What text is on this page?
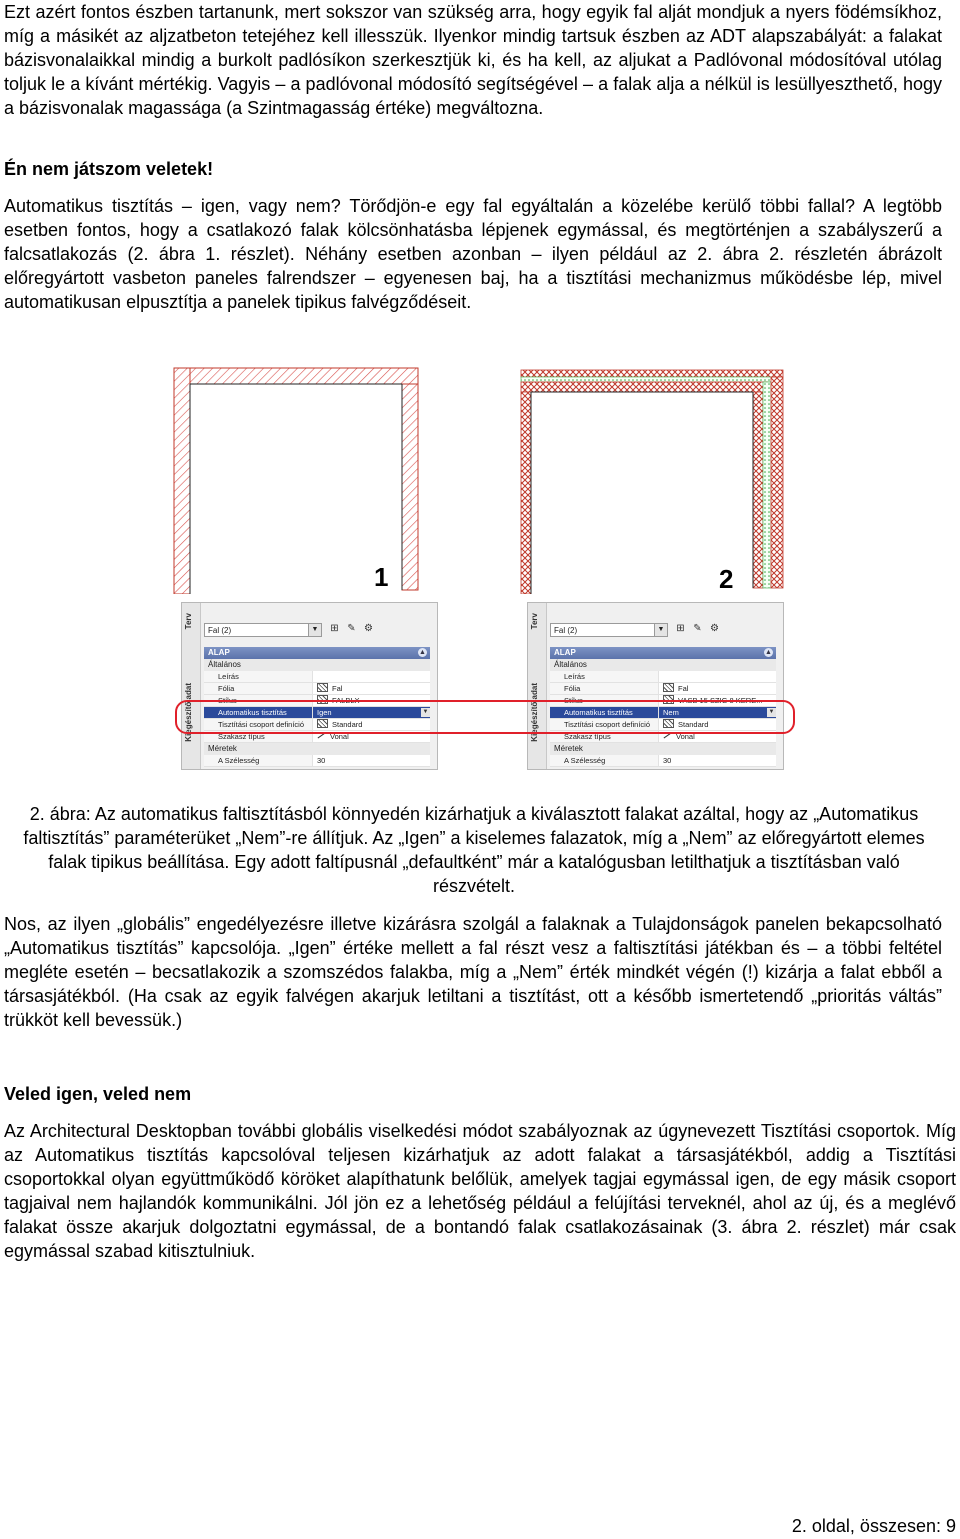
Ezt azért fontos észben tartanunk, mert sokszor van szükség arra, hogy egyik fal alját mondjuk a nyers födémsíkhoz, míg a másikét az aljzatbeton tetejéhez kell illesszük. Ilyenkor mindig tartsuk észben az ADT alapszabályát: a falakat bázisvonalaikkal mindig a burkolt padlósíkon szerkesztjük ki, és ha kell, az aljukat a Padlóvonal módosítóval utólag toljuk le a kívánt mértékig. Vagyis – a padlóvonal módosító segítségével – a falak alja a nélkül is lesüllyeszthető, hogy a bázisvonalak magassága (a Szintmagasság értéke) megváltozna.

Én nem játszom veletek!

Automatikus tisztítás – igen, vagy nem? Törődjön-e egy fal egyáltalán a közelébe kerülő többi fallal? A legtöbb esetben fontos, hogy a csatlakozó falak kölcsönhatásba lépjenek egymással, és megtörténjen a szabályszerű a falcsatlakozás (2. ábra 1. részlet). Néhány esetben azonban – ilyen például az 2. ábra 2. részletén ábrázolt előregyártott vasbeton paneles falrendszer – egyenesen baj, ha a tisztítási mechanizmus működésbe lép, mivel automatikusan elpusztítja a panelek tipikus falvégződéseit.

1	2
Terv
Kiegészítő adat
Fal (2)	▼ ⊞ ✎ ⚙
ALAP	▲
Általános
Leírás
Fólia	Fal
Stílus	FALBLX
Automatikus tisztítás	Igen	▼
Tisztítási csoport definíció	Standard
Szakasz típus	Vonal
Méretek
A Szélesség	30
Terv
Kiegészítő adat
Fal (2)	▼ ⊞ ✎ ⚙
ALAP	▲
Általános
Leírás
Fólia	Fal
Stílus	VASB 15 SZIG 8 KERE...
Automatikus tisztítás	Nem	▼
Tisztítási csoport definíció	Standard
Szakasz típus	Vonal
Méretek
A Szélesség	30

2. ábra: Az automatikus faltisztításból könnyedén kizárhatjuk a kiválasztott falakat azáltal, hogy az „Automatikus faltisztítás” paraméterüket „Nem”-re állítjuk. Az „Igen” a kiselemes falazatok, míg a „Nem” az előregyártott elemes falak tipikus beállítása. Egy adott faltípusnál „defaultként” már a katalógusban letilthatjuk a tisztításban való részvételt.

Nos, az ilyen „globális” engedélyezésre illetve kizárásra szolgál a falaknak a Tulajdonságok panelen bekapcsolható „Automatikus tisztítás” kapcsolója. „Igen” értéke mellett a fal részt vesz a faltisztítási játékban és – a többi feltétel megléte esetén – becsatlakozik a szomszédos falakba, míg a „Nem” érték mindkét végén (!) kizárja a falat ebből a társasjátékból. (Ha csak az egyik falvégen akarjuk letiltani a tisztítást, ott a később ismertetendő „prioritás váltás” trükköt kell bevessük.)

Veled igen, veled nem

Az Architectural Desktopban további globális viselkedési módot szabályoznak az úgynevezett Tisztítási csoportok. Míg az Automatikus tisztítás kapcsolóval teljesen kizárhatjuk az adott falakat a társasjátékból, addig a Tisztítási csoportokkal olyan együttműködő köröket alapíthatunk belőlük, amelyek tagjai egymással igen, de egy másik csoport tagjaival nem hajlandók kommunikálni. Jól jön ez a lehetőség például a felújítási terveknél, ahol az új, és a meglévő falakat össze akarjuk dolgoztatni egymással, de a bontandó falak csatlakozásainak (3. ábra 2. részlet) már csak egymással szabad kitisztulniuk.

2. oldal, összesen: 9
